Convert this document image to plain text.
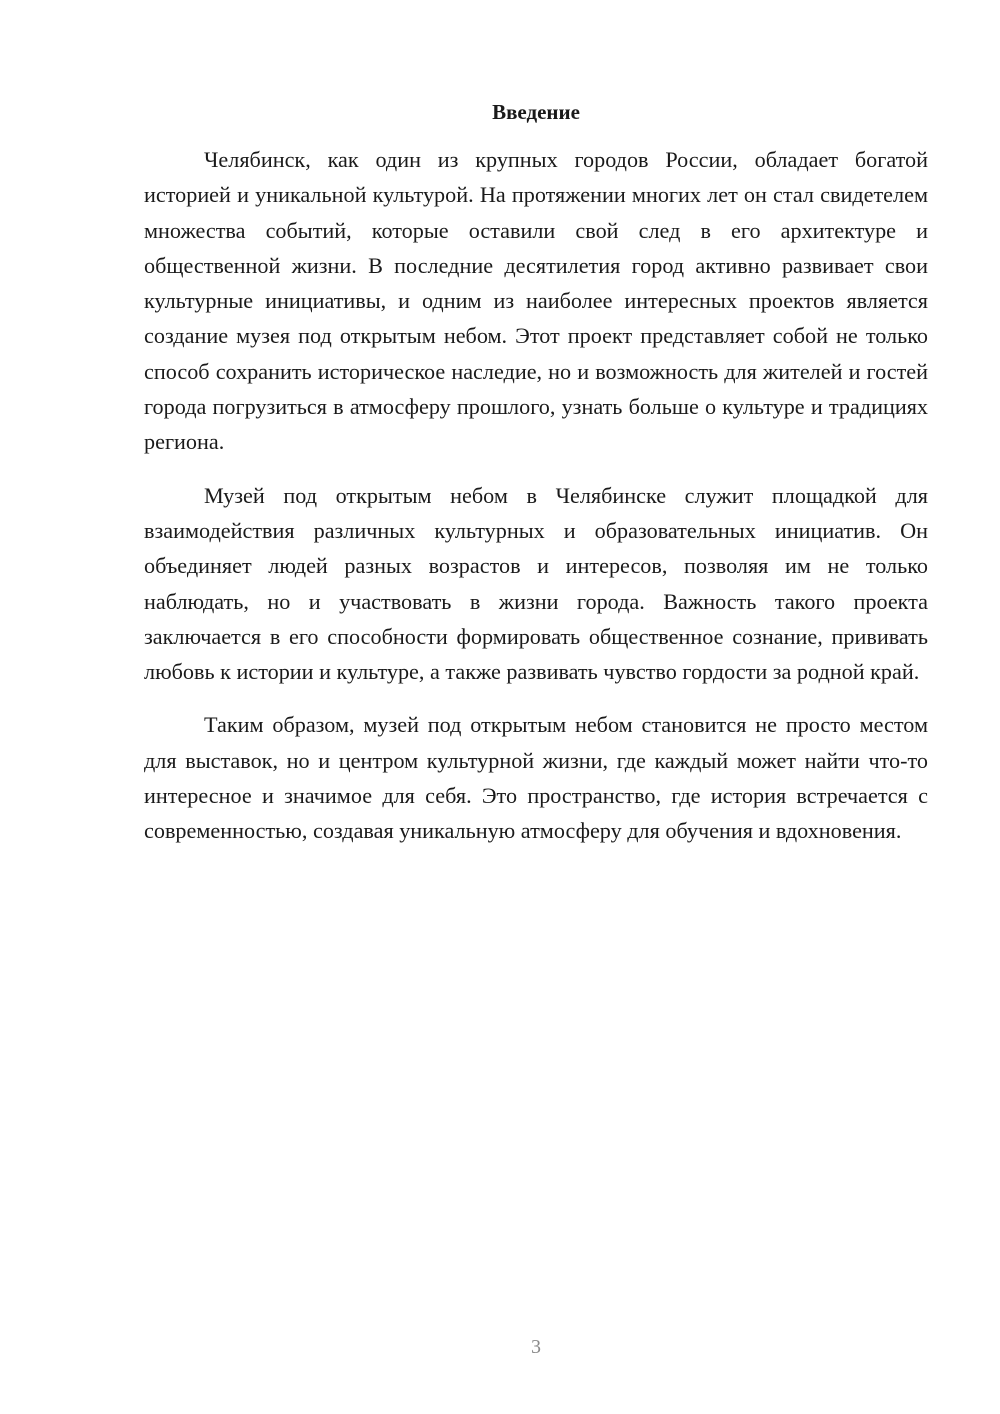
Введение

Челябинск, как один из крупных городов России, обладает богатой историей и уникальной культурой. На протяжении многих лет он стал свидетелем множества событий, которые оставили свой след в его архитектуре и общественной жизни. В последние десятилетия город активно развивает свои культурные инициативы, и одним из наиболее интересных проектов является создание музея под открытым небом. Этот проект представляет собой не только способ сохранить историческое наследие, но и возможность для жителей и гостей города погрузиться в атмосферу прошлого, узнать больше о культуре и традициях региона.

Музей под открытым небом в Челябинске служит площадкой для взаимодействия различных культурных и образовательных инициатив. Он объединяет людей разных возрастов и интересов, позволяя им не только наблюдать, но и участвовать в жизни города. Важность такого проекта заключается в его способности формировать общественное сознание, прививать любовь к истории и культуре, а также развивать чувство гордости за родной край.

Таким образом, музей под открытым небом становится не просто местом для выставок, но и центром культурной жизни, где каждый может найти что-то интересное и значимое для себя. Это пространство, где история встречается с современностью, создавая уникальную атмосферу для обучения и вдохновения.

3
